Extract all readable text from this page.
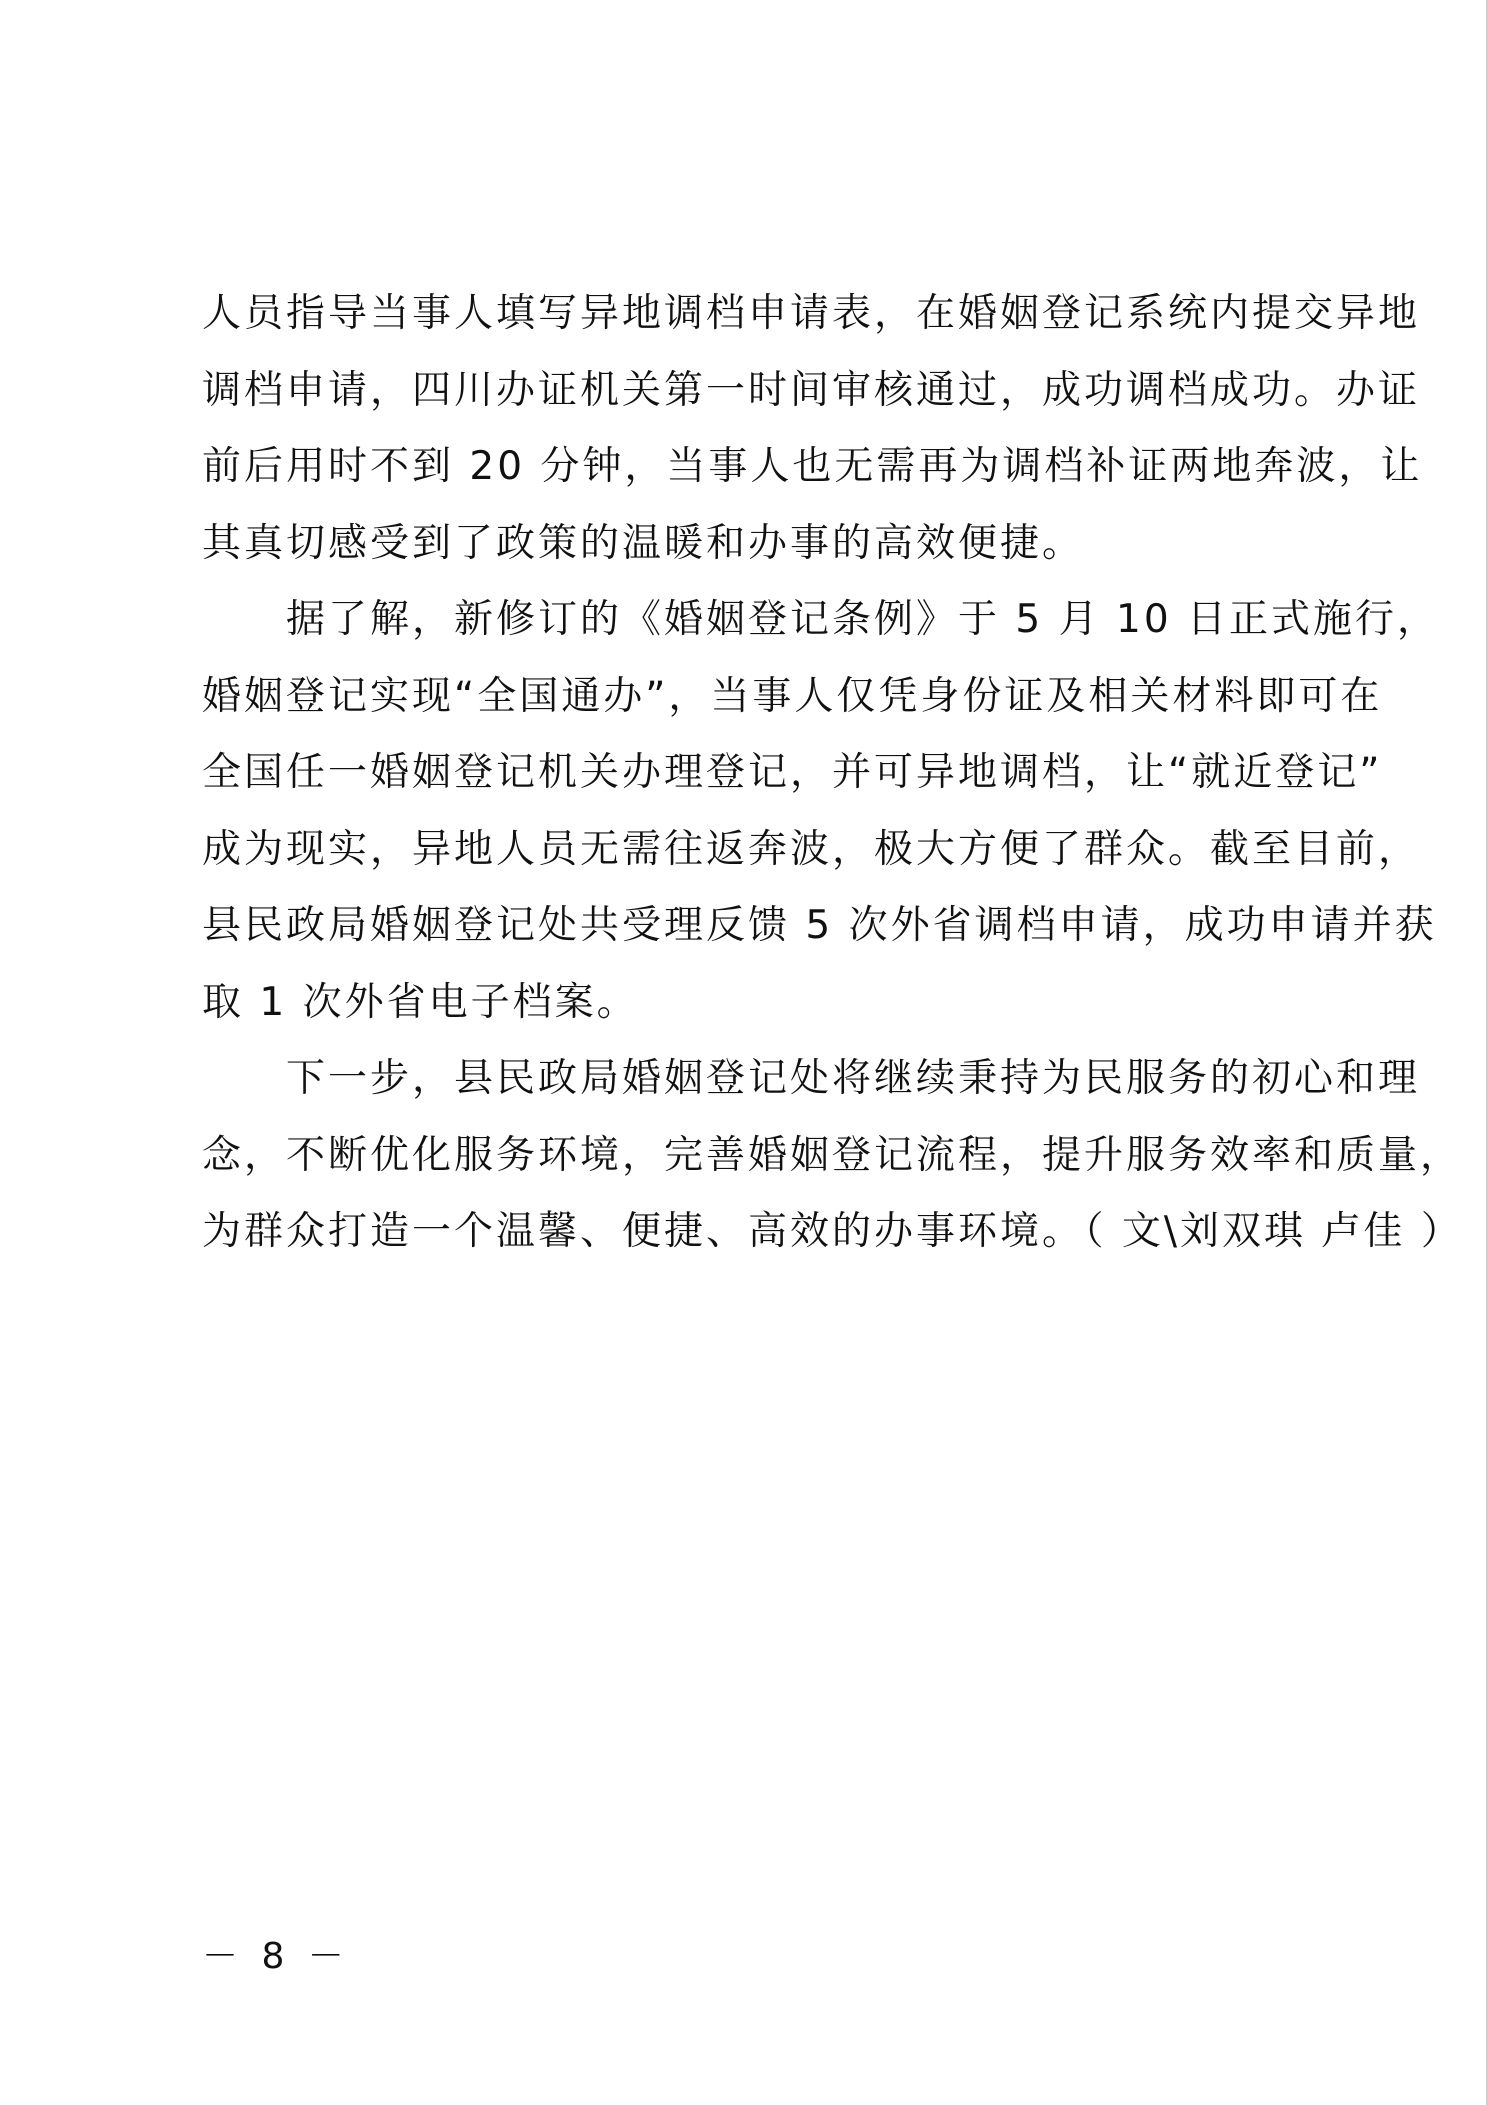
人员指导当事人填写异地调档申请表，在婚姻登记系统内提交异地
调档申请，四川办证机关第一时间审核通过，成功调档成功。办证
前后用时不到 20 分钟，当事人也无需再为调档补证两地奔波，让
其真切感受到了政策的温暖和办事的高效便捷。
据了解，新修订的《婚姻登记条例》于 5 月 10 日正式施行，
婚姻登记实现“全国通办”，当事人仅凭身份证及相关材料即可在
全国任一婚姻登记机关办理登记，并可异地调档，让“就近登记”
成为现实，异地人员无需往返奔波，极大方便了群众。截至目前，
县民政局婚姻登记处共受理反馈 5 次外省调档申请，成功申请并获
取 1 次外省电子档案。
下一步，县民政局婚姻登记处将继续秉持为民服务的初心和理
念，不断优化服务环境，完善婚姻登记流程，提升服务效率和质量，
为群众打造一个温馨、便捷、高效的办事环境。（ 文\刘双琪 卢佳 ）
－ 8 －
